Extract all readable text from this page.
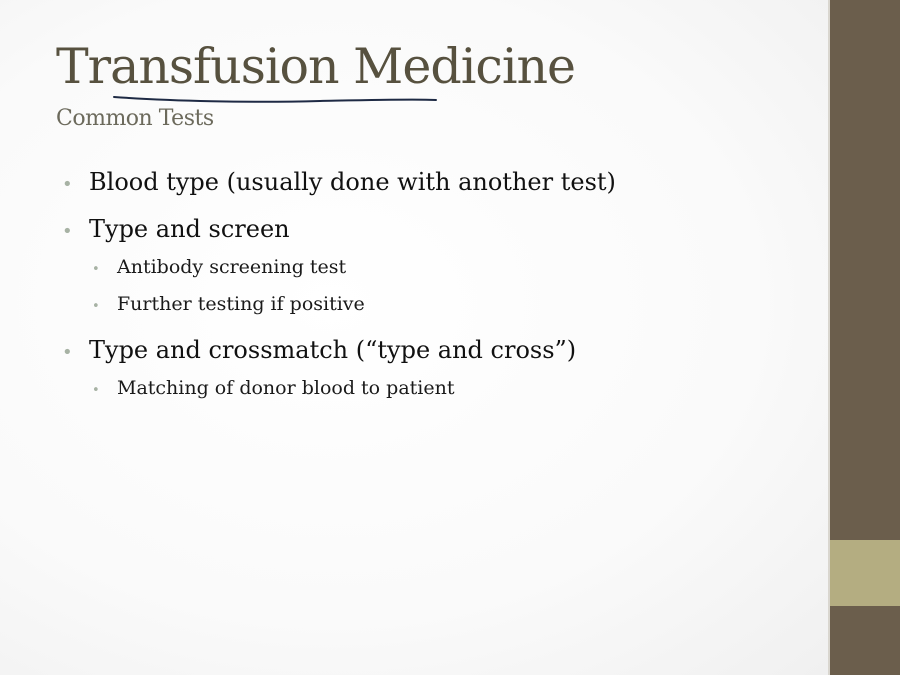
Transfusion Medicine
Common Tests
• Blood type (usually done with another test)
• Type and screen
• Antibody screening test
• Further testing if positive
• Type and crossmatch (“type and cross”)
• Matching of donor blood to patient
